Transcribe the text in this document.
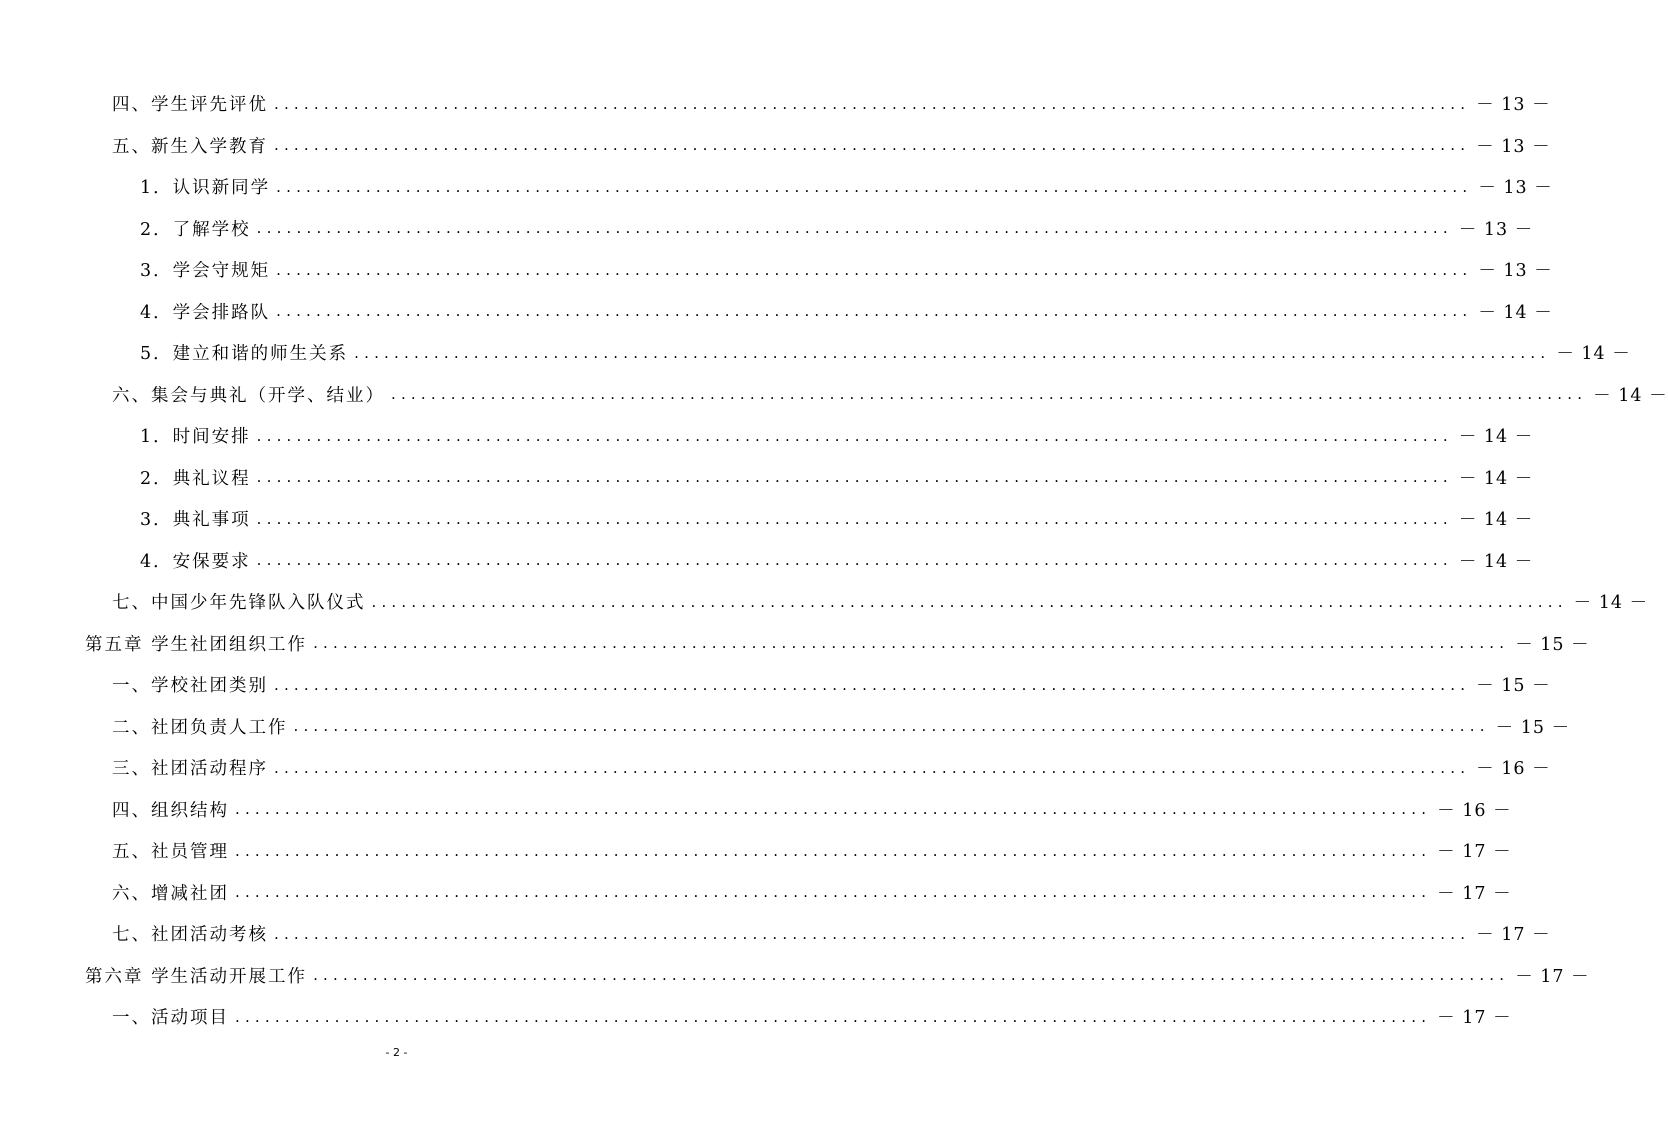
四、学生评先评优 ........................................................................................................................ － 13 －
五、新生入学教育 ........................................................................................................................ － 13 －
1．认识新同学 ........................................................................................................................ － 13 －
2．了解学校 ........................................................................................................................ － 13 －
3．学会守规矩 ........................................................................................................................ － 13 －
4．学会排路队 ........................................................................................................................ － 14 －
5．建立和谐的师生关系 ........................................................................................................................ － 14 －
六、集会与典礼（开学、结业） ........................................................................................................................ － 14 －
1．时间安排 ........................................................................................................................ － 14 －
2．典礼议程 ........................................................................................................................ － 14 －
3．典礼事项 ........................................................................................................................ － 14 －
4．安保要求 ........................................................................................................................ － 14 －
七、中国少年先锋队入队仪式 ........................................................................................................................ － 14 －
第五章 学生社团组织工作 ........................................................................................................................ － 15 －
一、学校社团类别 ........................................................................................................................ － 15 －
二、社团负责人工作 ........................................................................................................................ － 15 －
三、社团活动程序 ........................................................................................................................ － 16 －
四、组织结构 ........................................................................................................................ － 16 －
五、社员管理 ........................................................................................................................ － 17 －
六、增减社团 ........................................................................................................................ － 17 －
七、社团活动考核 ........................................................................................................................ － 17 －
第六章 学生活动开展工作 ........................................................................................................................ － 17 －
一、活动项目 ........................................................................................................................ － 17 －
- 2 -
